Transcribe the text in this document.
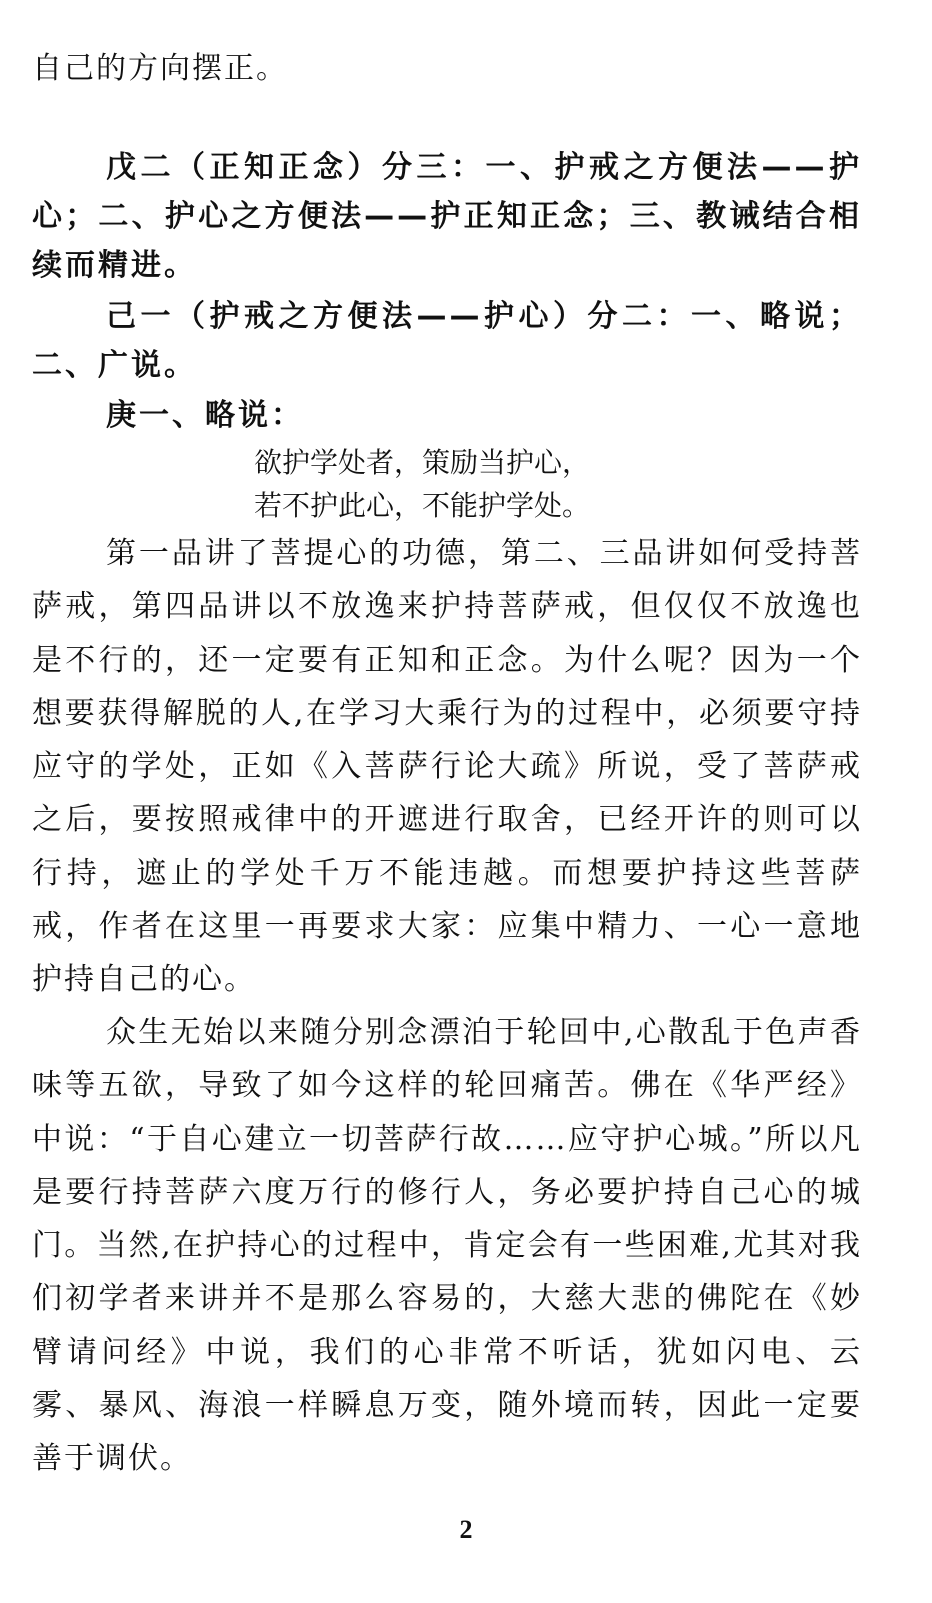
自己的方向摆正。

戊二（正知正念）分三：一、护戒之方便法——护心；二、护心之方便法——护正知正念；三、教诫结合相续而精进。

己一（护戒之方便法——护心）分二：一、略说；二、广说。

庚一、略说：

欲护学处者，策励当护心，

若不护此心，不能护学处。

第一品讲了菩提心的功德，第二、三品讲如何受持菩萨戒，第四品讲以不放逸来护持菩萨戒，但仅仅不放逸也是不行的，还一定要有正知和正念。为什么呢？因为一个想要获得解脱的人,在学习大乘行为的过程中，必须要守持应守的学处，正如《入菩萨行论大疏》所说，受了菩萨戒之后，要按照戒律中的开遮进行取舍，已经开许的则可以行持，遮止的学处千万不能违越。而想要护持这些菩萨戒，作者在这里一再要求大家：应集中精力、一心一意地护持自己的心。

众生无始以来随分别念漂泊于轮回中,心散乱于色声香味等五欲，导致了如今这样的轮回痛苦。佛在《华严经》中说：“于自心建立一切菩萨行故……应守护心城。”所以凡是要行持菩萨六度万行的修行人，务必要护持自己心的城门。当然,在护持心的过程中，肯定会有一些困难,尤其对我们初学者来讲并不是那么容易的，大慈大悲的佛陀在《妙臂请问经》中说，我们的心非常不听话，犹如闪电、云雾、暴风、海浪一样瞬息万变，随外境而转，因此一定要善于调伏。

2
